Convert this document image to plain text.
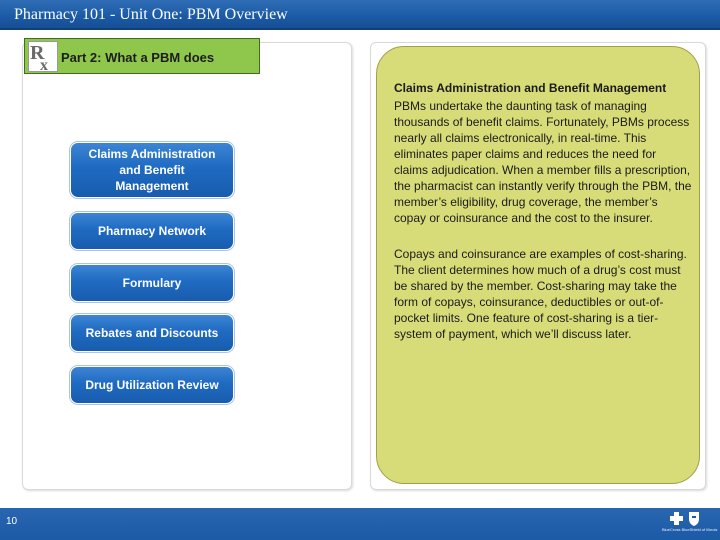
Pharmacy 101 - Unit One: PBM Overview
R
x Part 2: What a PBM does
Claims Administration
and Benefit
Management
Pharmacy Network
Formulary
Rebates and Discounts
Drug Utilization Review
Claims Administration and Benefit Management
PBMs undertake the daunting task of managing thousands of benefit claims. Fortunately, PBMs process nearly all claims electronically, in real-time. This eliminates paper claims and reduces the need for claims adjudication. When a member fills a prescription, the pharmacist can instantly verify through the PBM, the member’s eligibility, drug coverage, the member’s copay or coinsurance and the cost to the insurer.
Copays and coinsurance are examples of cost-sharing. The client determines how much of a drug’s cost must be shared by the member. Cost-sharing may take the form of copays, coinsurance, deductibles or out-of-pocket limits. One feature of cost-sharing is a tier-system of payment, which we’ll discuss later.
10
BlueCross BlueShield of Illinois
